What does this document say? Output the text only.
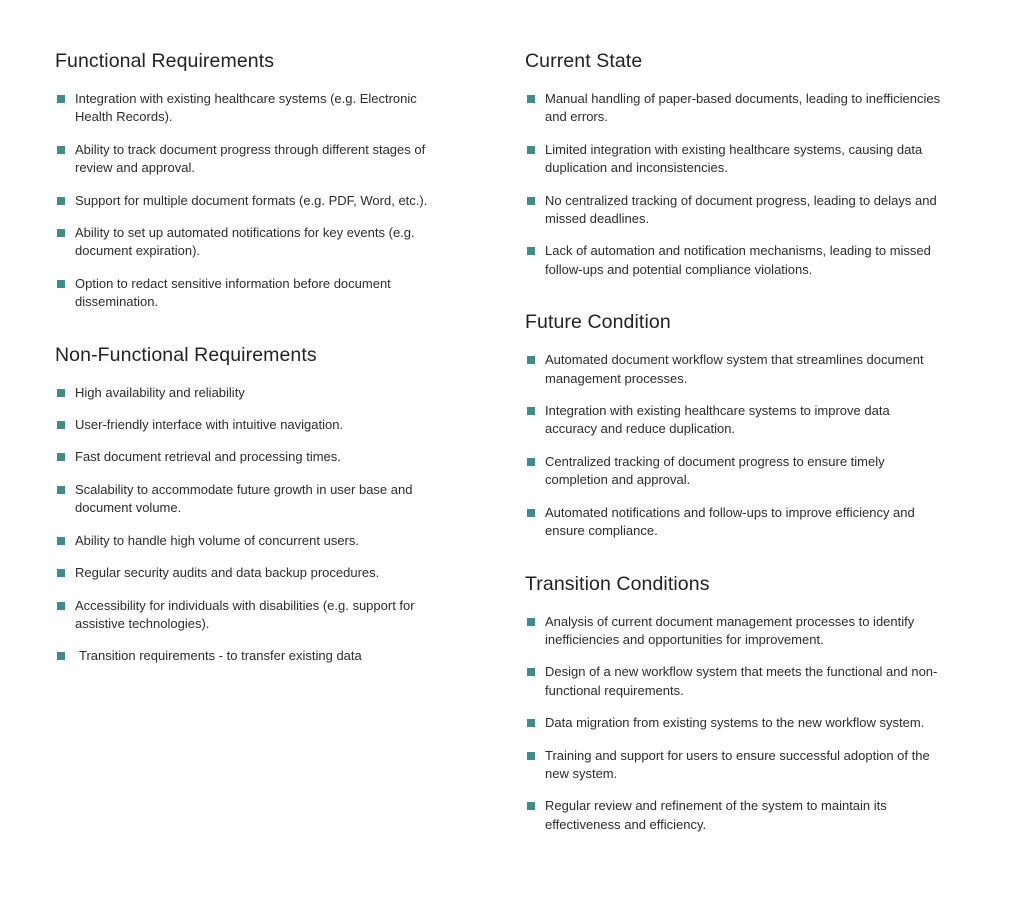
Functional Requirements
Integration with existing healthcare systems (e.g. Electronic Health Records).
Ability to track document progress through different stages of review and approval.
Support for multiple document formats (e.g. PDF, Word, etc.).
Ability to set up automated notifications for key events (e.g. document expiration).
Option to redact sensitive information before document dissemination.
Non-Functional Requirements
High availability and reliability
User-friendly interface with intuitive navigation.
Fast document retrieval and processing times.
Scalability to accommodate future growth in user base and document volume.
Ability to handle high volume of concurrent users.
Regular security audits and data backup procedures.
Accessibility for individuals with disabilities (e.g. support for assistive technologies).
Transition requirements - to transfer existing data
Current State
Manual handling of paper-based documents, leading to inefficiencies and errors.
Limited integration with existing healthcare systems, causing data duplication and inconsistencies.
No centralized tracking of document progress, leading to delays and missed deadlines.
Lack of automation and notification mechanisms, leading to missed follow-ups and potential compliance violations.
Future Condition
Automated document workflow system that streamlines document management processes.
Integration with existing healthcare systems to improve data accuracy and reduce duplication.
Centralized tracking of document progress to ensure timely completion and approval.
Automated notifications and follow-ups to improve efficiency and ensure compliance.
Transition Conditions
Analysis of current document management processes to identify inefficiencies and opportunities for improvement.
Design of a new workflow system that meets the functional and non-functional requirements.
Data migration from existing systems to the new workflow system.
Training and support for users to ensure successful adoption of the new system.
Regular review and refinement of the system to maintain its effectiveness and efficiency.
